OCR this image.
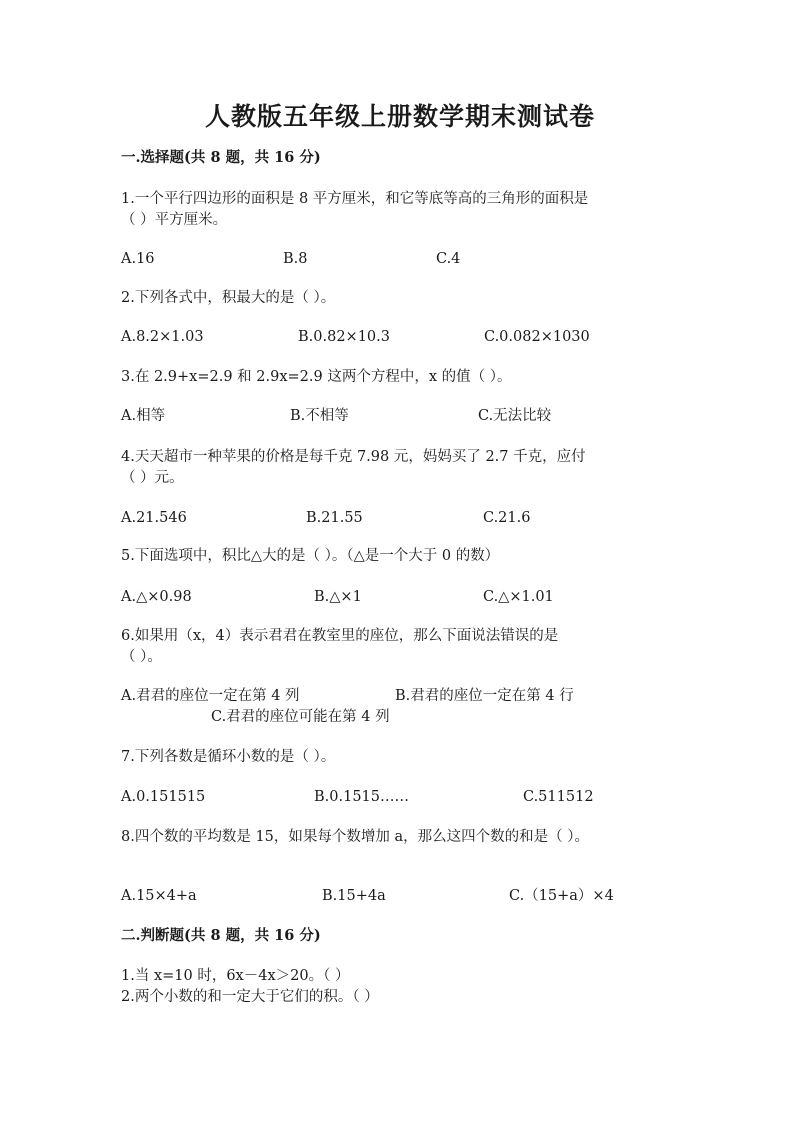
人教版五年级上册数学期末测试卷
一.选择题(共 8 题，共 16 分)
1.一个平行四边形的面积是 8 平方厘米，和它等底等高的三角形的面积是
（ ）平方厘米。
A.16	B.8	C.4
2.下列各式中，积最大的是（ ）。
A.8.2×1.03	B.0.82×10.3	C.0.082×1030
3.在 2.9+x=2.9 和 2.9x=2.9 这两个方程中，x 的值（ ）。
A.相等	B.不相等	C.无法比较
4.天天超市一种苹果的价格是每千克 7.98 元，妈妈买了 2.7 千克，应付
（ ）元。
A.21.546	B.21.55	C.21.6
5.下面选项中，积比△大的是（ ）。（△是一个大于 0 的数）
A.△×0.98	B.△×1	C.△×1.01
6.如果用（x，4）表示君君在教室里的座位，那么下面说法错误的是
（ ）。
A.君君的座位一定在第 4 列	B.君君的座位一定在第 4 行
C.君君的座位可能在第 4 列
7.下列各数是循环小数的是（ ）。
A.0.151515	B.0.1515……	C.511512
8.四个数的平均数是 15，如果每个数增加 a，那么这四个数的和是（ ）。
A.15×4+a	B.15+4a	C.（15+a）×4
二.判断题(共 8 题，共 16 分)
1.当 x=10 时，6x－4x＞20。（ ）
2.两个小数的和一定大于它们的积。（ ）
